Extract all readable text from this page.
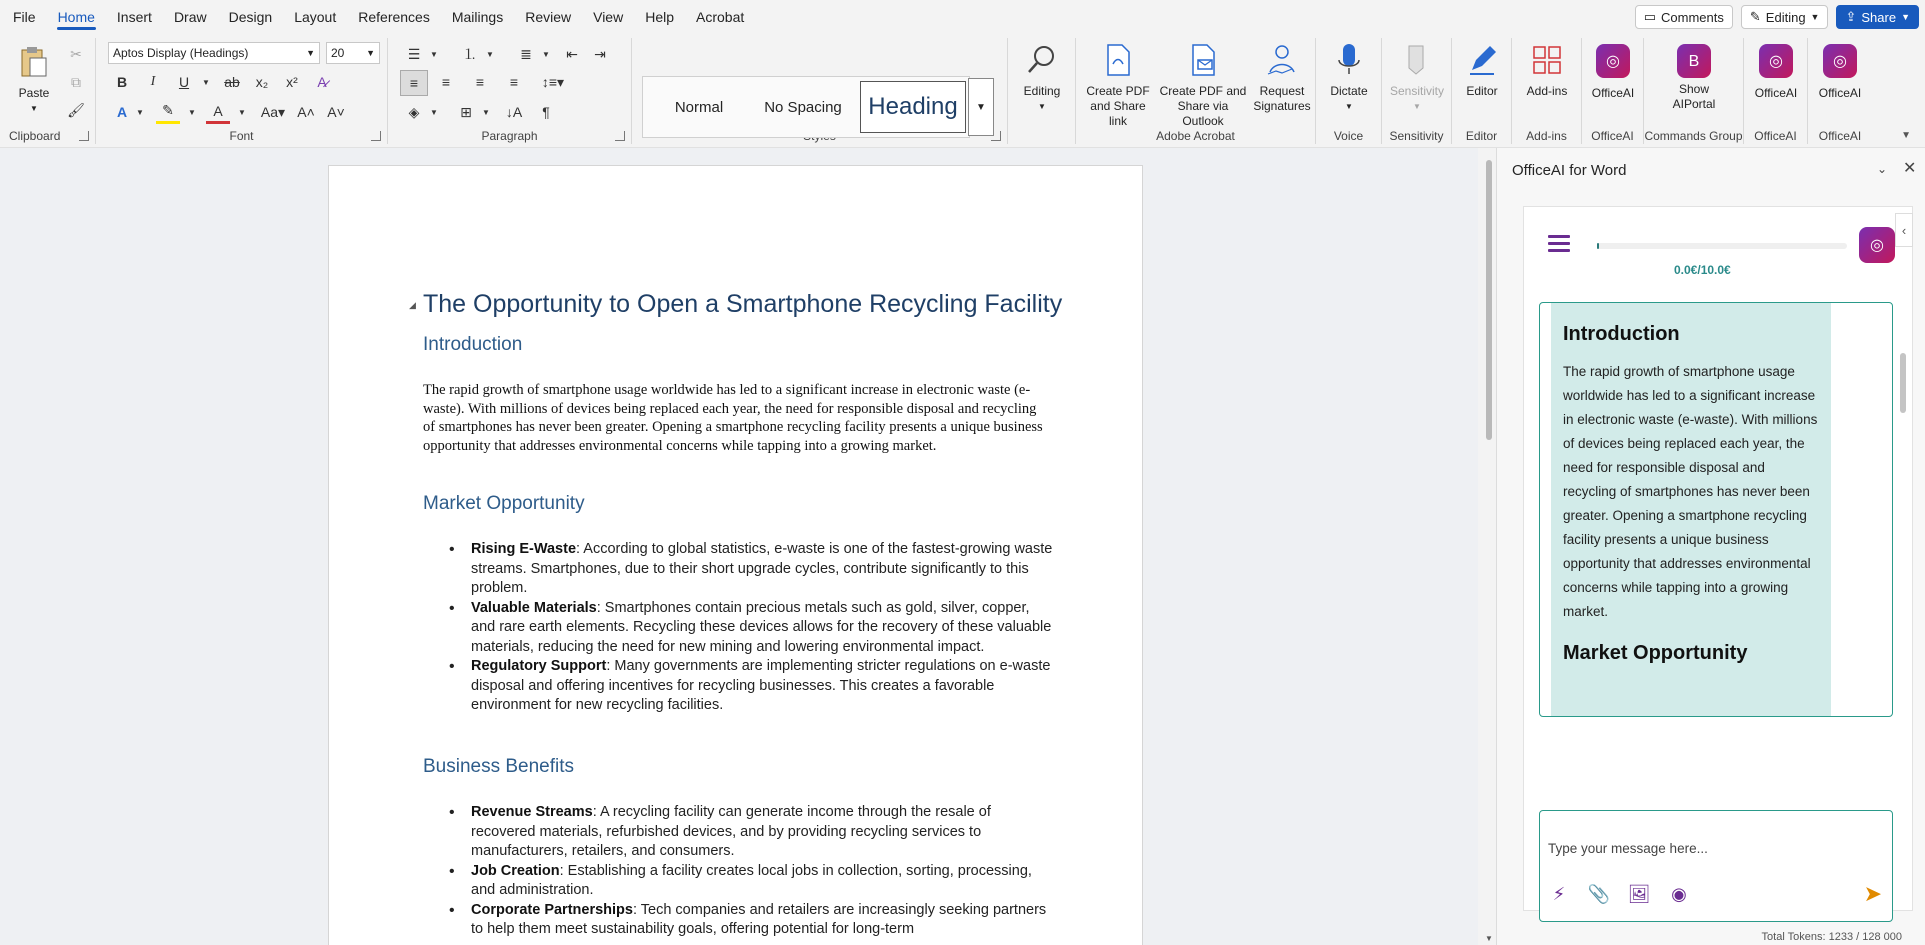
File	Home	Insert	Draw	Design	Layout	References	Mailings	Review	View	Help	Acrobat	▭ Comments ✎ Editing ▼ ⇪ Share ▼
Paste
▼
✂
⧉
🖌
Clipboard
Aptos Display (Headings)	▼	20 ▼
B	I	U	▼	ab	x₂	x²	A̷
A	▼	✎	▼	A	▼	Aa▾ A˄ A˅
Font
☰	▼	⒈	▼	≣	▼	⇤	⇥
≡	≡	≡	≡	↕≡▾
◈	▼	⊞	▼	↓A	¶
Paragraph
Normal	No Spacing	Heading	▼
Editing
▼
Create PDF
and Share link
Create PDF and
Share via Outlook
Request
Signatures
Adobe Acrobat
Dictate
▼
Voice
Sensitivity
▼
Sensitivity
Editor
Editor
Add-ins
Add-ins
◎
OfficeAI
OfficeAI
B
Show
AIPortal
Commands Group
◎
OfficeAI
OfficeAI
◎
OfficeAI
OfficeAI	▼
◢ The Opportunity to Open a Smartphone Recycling Facility
Introduction
The rapid growth of smartphone usage worldwide has led to a significant increase in electronic waste (e-waste). With millions of devices being replaced each year, the need for responsible disposal and recycling of smartphones has never been greater. Opening a smartphone recycling facility presents a unique business opportunity that addresses environmental concerns while tapping into a growing market.
Market Opportunity
• Rising E-Waste: According to global statistics, e-waste is one of the fastest-growing waste streams. Smartphones, due to their short upgrade cycles, contribute significantly to this problem.
• Valuable Materials: Smartphones contain precious metals such as gold, silver, copper, and rare earth elements. Recycling these devices allows for the recovery of these valuable materials, reducing the need for new mining and lowering environmental impact.
• Regulatory Support: Many governments are implementing stricter regulations on e-waste disposal and offering incentives for recycling businesses. This creates a favorable environment for new recycling facilities.
Business Benefits
• Revenue Streams: A recycling facility can generate income through the resale of recovered materials, refurbished devices, and by providing recycling services to manufacturers, retailers, and consumers.
• Job Creation: Establishing a facility creates local jobs in collection, sorting, processing, and administration.
• Corporate Partnerships: Tech companies and retailers are increasingly seeking partners to help them meet sustainability goals, offering potential for long-term
▼
OfficeAI for Word	⌄ ✕
0.0€/10.0€
◎
‹
Introduction
The rapid growth of smartphone usage worldwide has led to a significant increase in electronic waste (e-waste). With millions of devices being replaced each year, the need for responsible disposal and recycling of smartphones has never been greater. Opening a smartphone recycling facility presents a unique business opportunity that addresses environmental concerns while tapping into a growing market.
Market Opportunity
Type your message here...
⚡	📎 🖼 ◉	➤
Total Tokens: 1233 / 128 000
